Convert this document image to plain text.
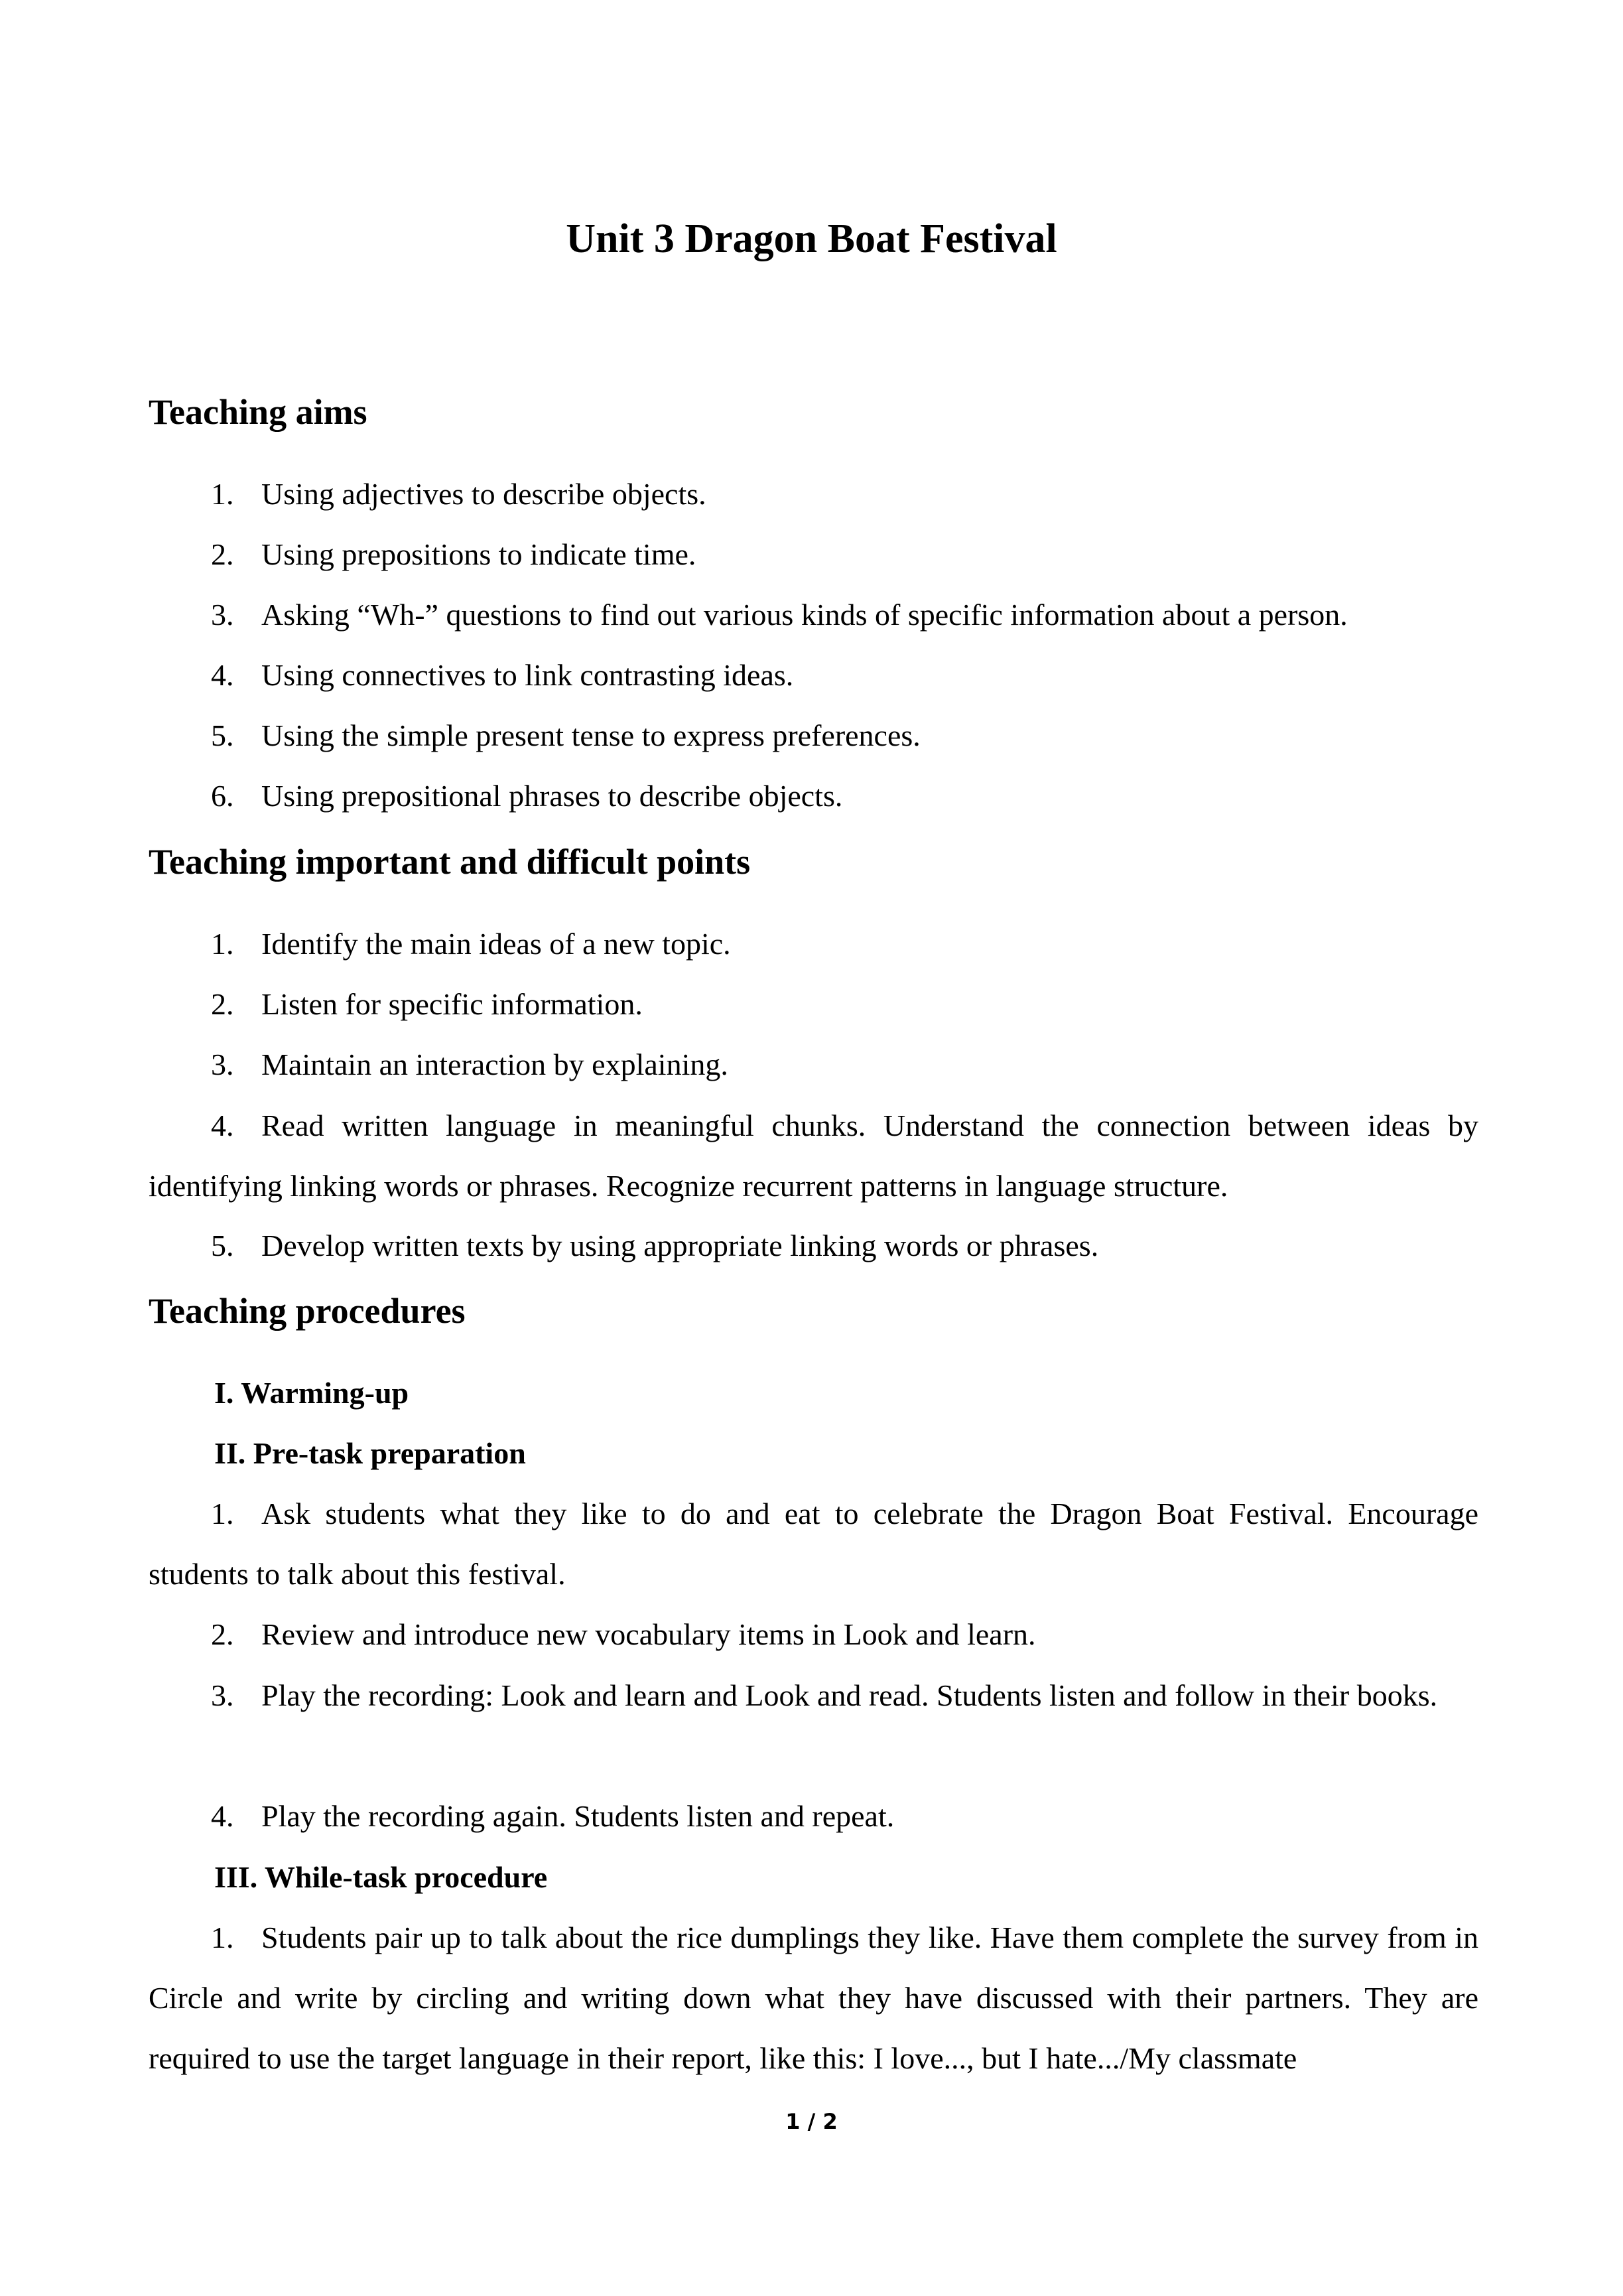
Unit 3 Dragon Boat Festival
Teaching aims
1. Using adjectives to describe objects.
2. Using prepositions to indicate time.
3. Asking “Wh-” questions to find out various kinds of specific information about a person.
4. Using connectives to link contrasting ideas.
5. Using the simple present tense to express preferences.
6. Using prepositional phrases to describe objects.
Teaching important and difficult points
1. Identify the main ideas of a new topic.
2. Listen for specific information.
3. Maintain an interaction by explaining.
4. Read written language in meaningful chunks. Understand the connection between ideas by identifying linking words or phrases. Recognize recurrent patterns in language structure.
5. Develop written texts by using appropriate linking words or phrases.
Teaching procedures
I. Warming-up
II. Pre-task preparation
1. Ask students what they like to do and eat to celebrate the Dragon Boat Festival. Encourage students to talk about this festival.
2. Review and introduce new vocabulary items in Look and learn.
3. Play the recording: Look and learn and Look and read. Students listen and follow in their books.
4. Play the recording again. Students listen and repeat.
III. While-task procedure
1. Students pair up to talk about the rice dumplings they like. Have them complete the survey from in Circle and write by circling and writing down what they have discussed with their partners. They are required to use the target language in their report, like this: I love..., but I hate.../My classmate
1 / 2
